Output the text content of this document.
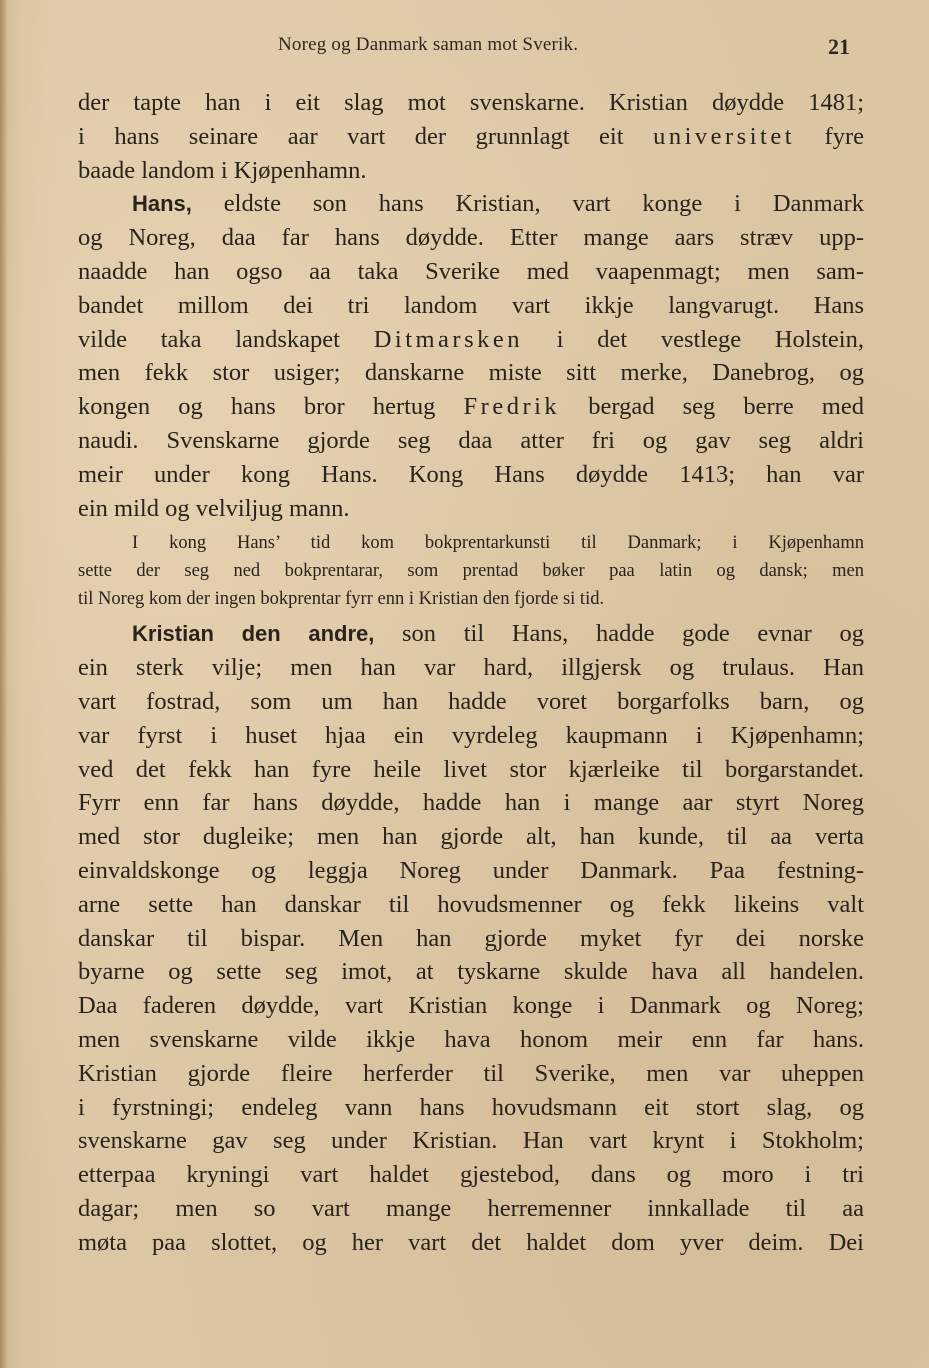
Noreg og Danmark saman mot Sverik.	21
der tapte han i eit slag mot svenskarne. Kristian døydde 1481;
i hans seinare aar vart der grunnlagt eit universitet fyre
baade landom i Kjøpenhamn.
Hans, eldste son hans Kristian, vart konge i Danmark
og Noreg, daa far hans døydde. Etter mange aars stræv upp-
naadde han ogso aa taka Sverike med vaapenmagt; men sam-
bandet millom dei tri landom vart ikkje langvarugt. Hans
vilde taka landskapet Ditmarsken i det vestlege Holstein,
men fekk stor usiger; danskarne miste sitt merke, Danebrog, og
kongen og hans bror hertug Fredrik bergad seg berre med
naudi. Svenskarne gjorde seg daa atter fri og gav seg aldri
meir under kong Hans. Kong Hans døydde 1413; han var
ein mild og velviljug mann.
I kong Hans’ tid kom bokprentarkunsti til Danmark; i Kjøpenhamn
sette der seg ned bokprentarar, som prentad bøker paa latin og dansk; men
til Noreg kom der ingen bokprentar fyrr enn i Kristian den fjorde si tid.
Kristian den andre, son til Hans, hadde gode evnar og
ein sterk vilje; men han var hard, illgjersk og trulaus. Han
vart fostrad, som um han hadde voret borgarfolks barn, og
var fyrst i huset hjaa ein vyrdeleg kaupmann i Kjøpenhamn;
ved det fekk han fyre heile livet stor kjærleike til borgarstandet.
Fyrr enn far hans døydde, hadde han i mange aar styrt Noreg
med stor dugleike; men han gjorde alt, han kunde, til aa verta
einvaldskonge og leggja Noreg under Danmark. Paa festning-
arne sette han danskar til hovudsmenner og fekk likeins valt
danskar til bispar. Men han gjorde myket fyr dei norske
byarne og sette seg imot, at tyskarne skulde hava all handelen.
Daa faderen døydde, vart Kristian konge i Danmark og Noreg;
men svenskarne vilde ikkje hava honom meir enn far hans.
Kristian gjorde fleire herferder til Sverike, men var uheppen
i fyrstningi; endeleg vann hans hovudsmann eit stort slag, og
svenskarne gav seg under Kristian. Han vart krynt i Stokholm;
etterpaa kryningi vart haldet gjestebod, dans og moro i tri
dagar; men so vart mange herremenner innkallade til aa
møta paa slottet, og her vart det haldet dom yver deim. Dei
